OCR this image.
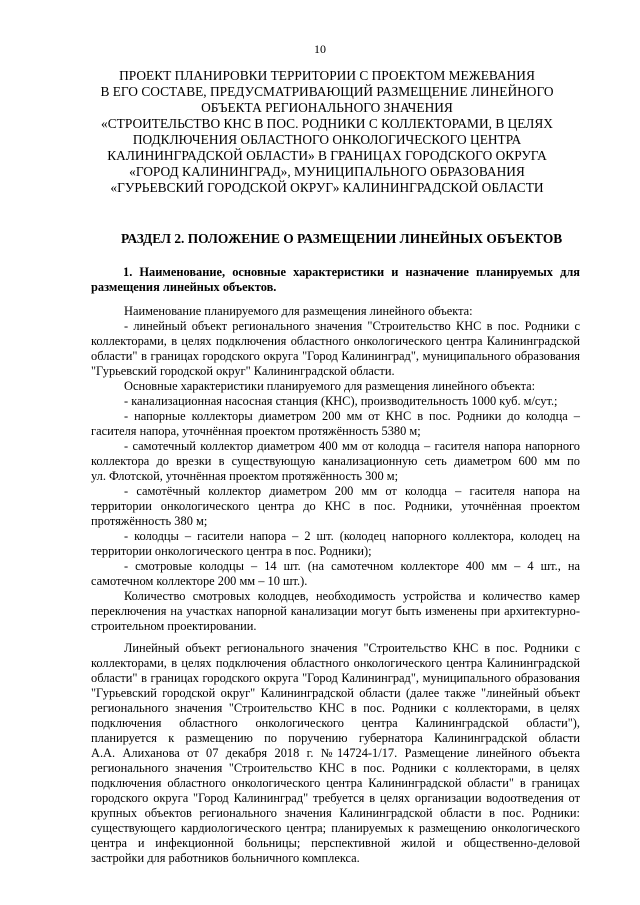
10
ПРОЕКТ ПЛАНИРОВКИ ТЕРРИТОРИИ С ПРОЕКТОМ МЕЖЕВАНИЯ
В ЕГО СОСТАВЕ, ПРЕДУСМАТРИВАЮЩИЙ РАЗМЕЩЕНИЕ ЛИНЕЙНОГО
ОБЪЕКТА РЕГИОНАЛЬНОГО ЗНАЧЕНИЯ
«СТРОИТЕЛЬСТВО КНС В ПОС. РОДНИКИ С КОЛЛЕКТОРАМИ, В ЦЕЛЯХ
ПОДКЛЮЧЕНИЯ ОБЛАСТНОГО ОНКОЛОГИЧЕСКОГО ЦЕНТРА
КАЛИНИНГРАДСКОЙ ОБЛАСТИ» В ГРАНИЦАХ ГОРОДСКОГО ОКРУГА
«ГОРОД КАЛИНИНГРАД», МУНИЦИПАЛЬНОГО ОБРАЗОВАНИЯ
«ГУРЬЕВСКИЙ ГОРОДСКОЙ ОКРУГ» КАЛИНИНГРАДСКОЙ ОБЛАСТИ
РАЗДЕЛ 2. ПОЛОЖЕНИЕ О РАЗМЕЩЕНИИ ЛИНЕЙНЫХ ОБЪЕКТОВ
1. Наименование, основные характеристики и назначение планируемых для
размещения линейных объектов.
Наименование планируемого для размещения линейного объекта:
- линейный объект регионального значения "Строительство КНС в пос. Родники с
коллекторами, в целях подключения областного онкологического центра Калининградской
области" в границах городского округа "Город Калининград", муниципального образования
"Гурьевский городской округ" Калининградской области.
Основные характеристики планируемого для размещения линейного объекта:
- канализационная насосная станция (КНС), производительность 1000 куб. м/сут.;
- напорные коллекторы диаметром 200 мм от КНС в пос. Родники до колодца –
гасителя напора, уточнённая проектом протяжённость 5380 м;
- самотечный коллектор диаметром 400 мм от колодца – гасителя напора напорного
коллектора до врезки в существующую канализационную сеть диаметром 600 мм по
ул. Флотской, уточнённая проектом протяжённость 300 м;
- самотёчный коллектор диаметром 200 мм от колодца – гасителя напора на
территории онкологического центра до КНС в пос. Родники, уточнённая проектом
протяжённость 380 м;
- колодцы – гасители напора – 2 шт. (колодец напорного коллектора, колодец на
территории онкологического центра в пос. Родники);
- смотровые колодцы – 14 шт. (на самотечном коллекторе 400 мм – 4 шт., на
самотечном коллекторе 200 мм – 10 шт.).
Количество смотровых колодцев, необходимость устройства и количество камер
переключения на участках напорной канализации могут быть изменены при архитектурно-
строительном проектировании.
Линейный объект регионального значения "Строительство КНС в пос. Родники с
коллекторами, в целях подключения областного онкологического центра Калининградской
области" в границах городского округа "Город Калининград", муниципального образования
"Гурьевский городской округ" Калининградской области (далее также "линейный объект
регионального значения "Строительство КНС в пос. Родники с коллекторами, в целях
подключения областного онкологического центра Калининградской области"),
планируется к размещению по поручению губернатора Калининградской области
А.А. Алиханова от 07 декабря 2018 г. №14724-1/17. Размещение линейного объекта
регионального значения "Строительство КНС в пос. Родники с коллекторами, в целях
подключения областного онкологического центра Калининградской области" в границах
городского округа "Город Калининград" требуется в целях организации водоотведения от
крупных объектов регионального значения Калининградской области в пос. Родники:
существующего кардиологического центра; планируемых к размещению онкологического
центра и инфекционной больницы; перспективной жилой и общественно-деловой
застройки для работников больничного комплекса.
